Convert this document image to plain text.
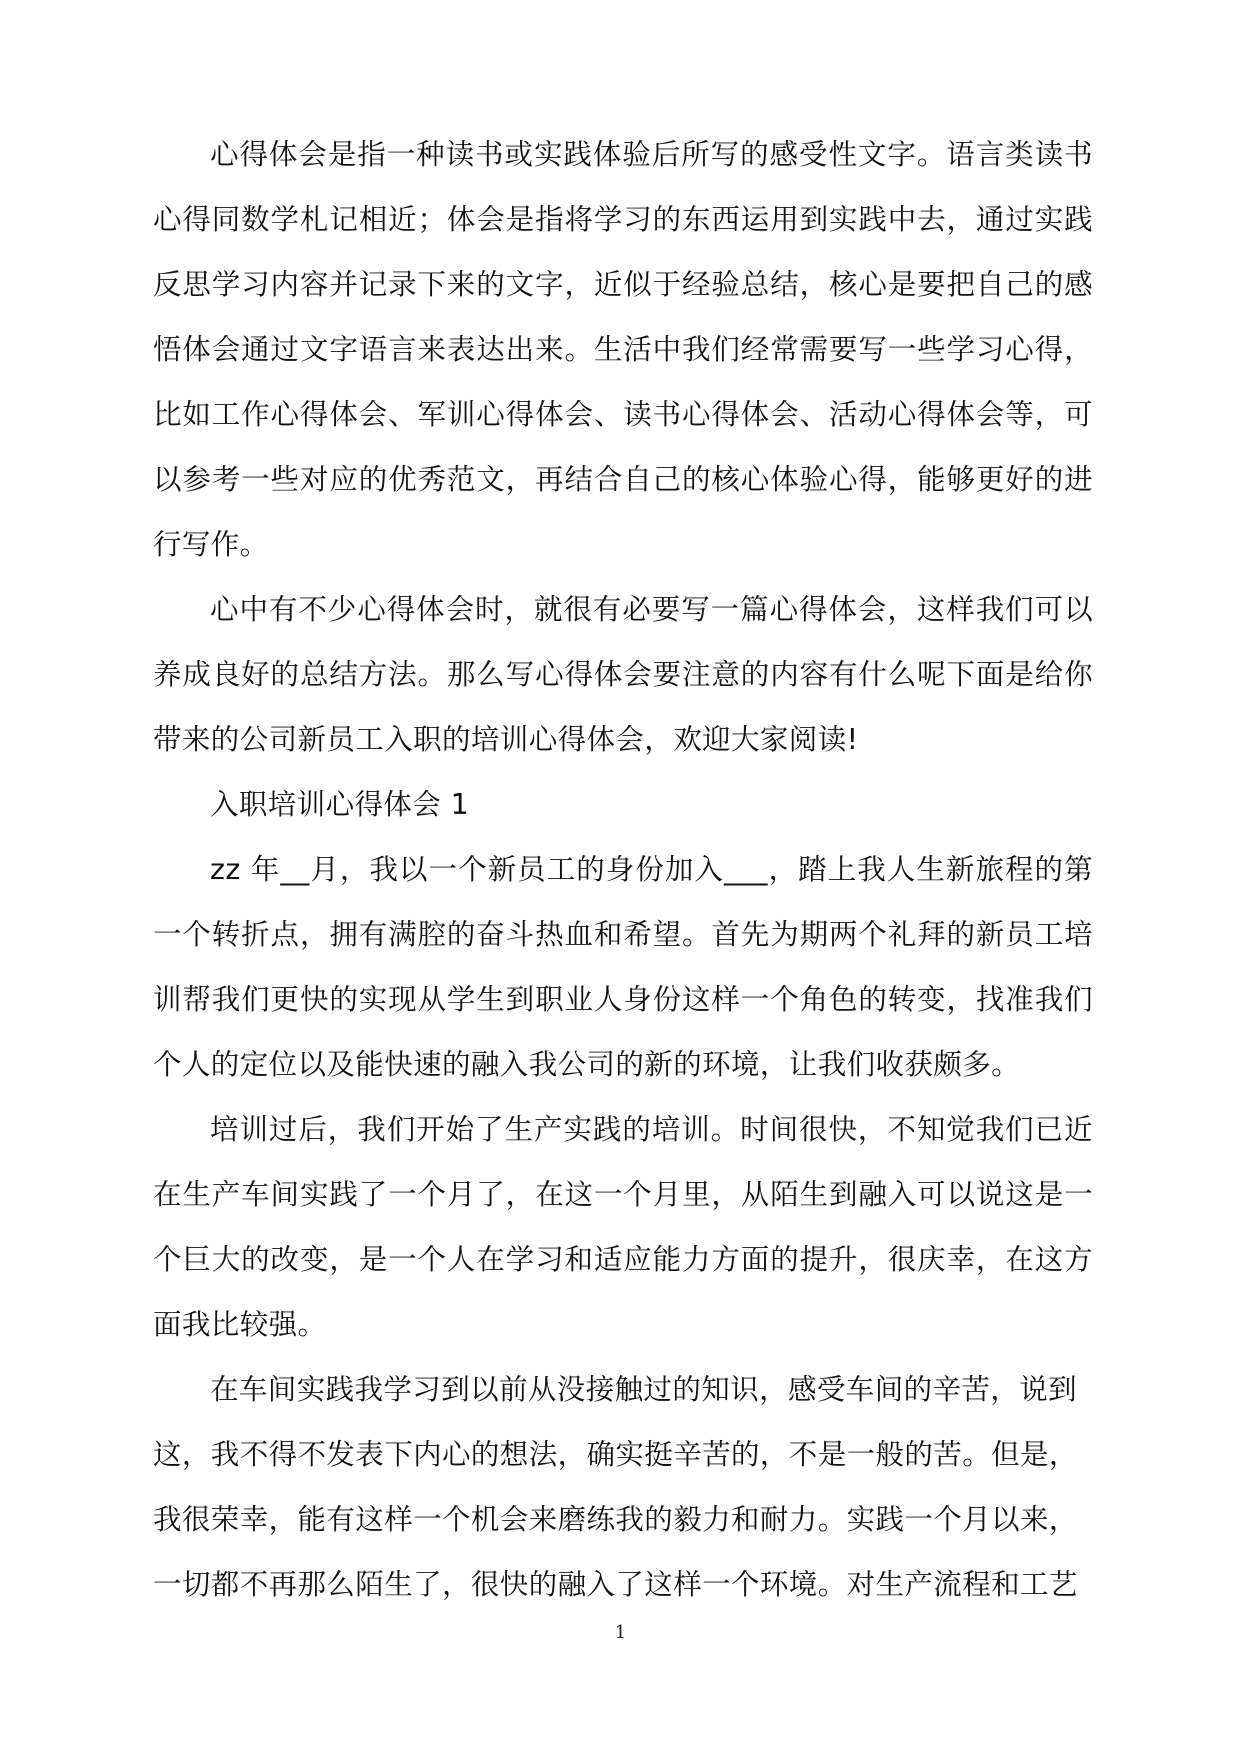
心得体会是指一种读书或实践体验后所写的感受性文字。语言类读书心得同数学札记相近；体会是指将学习的东西运用到实践中去，通过实践反思学习内容并记录下来的文字，近似于经验总结，核心是要把自己的感悟体会通过文字语言来表达出来。生活中我们经常需要写一些学习心得，比如工作心得体会、军训心得体会、读书心得体会、活动心得体会等，可以参考一些对应的优秀范文，再结合自己的核心体验心得，能够更好的进行写作。

心中有不少心得体会时，就很有必要写一篇心得体会，这样我们可以养成良好的总结方法。那么写心得体会要注意的内容有什么呢下面是给你带来的公司新员工入职的培训心得体会，欢迎大家阅读!

入职培训心得体会 1

zz 年__月，我以一个新员工的身份加入___，踏上我人生新旅程的第一个转折点，拥有满腔的奋斗热血和希望。首先为期两个礼拜的新员工培训帮我们更快的实现从学生到职业人身份这样一个角色的转变，找准我们个人的定位以及能快速的融入我公司的新的环境，让我们收获颇多。

培训过后，我们开始了生产实践的培训。时间很快，不知觉我们已近在生产车间实践了一个月了，在这一个月里，从陌生到融入可以说这是一个巨大的改变，是一个人在学习和适应能力方面的提升，很庆幸，在这方面我比较强。

在车间实践我学习到以前从没接触过的知识，感受车间的辛苦，说到这，我不得不发表下内心的想法，确实挺辛苦的，不是一般的苦。但是，我很荣幸，能有这样一个机会来磨练我的毅力和耐力。实践一个月以来，一切都不再那么陌生了，很快的融入了这样一个环境。对生产流程和工艺

1
